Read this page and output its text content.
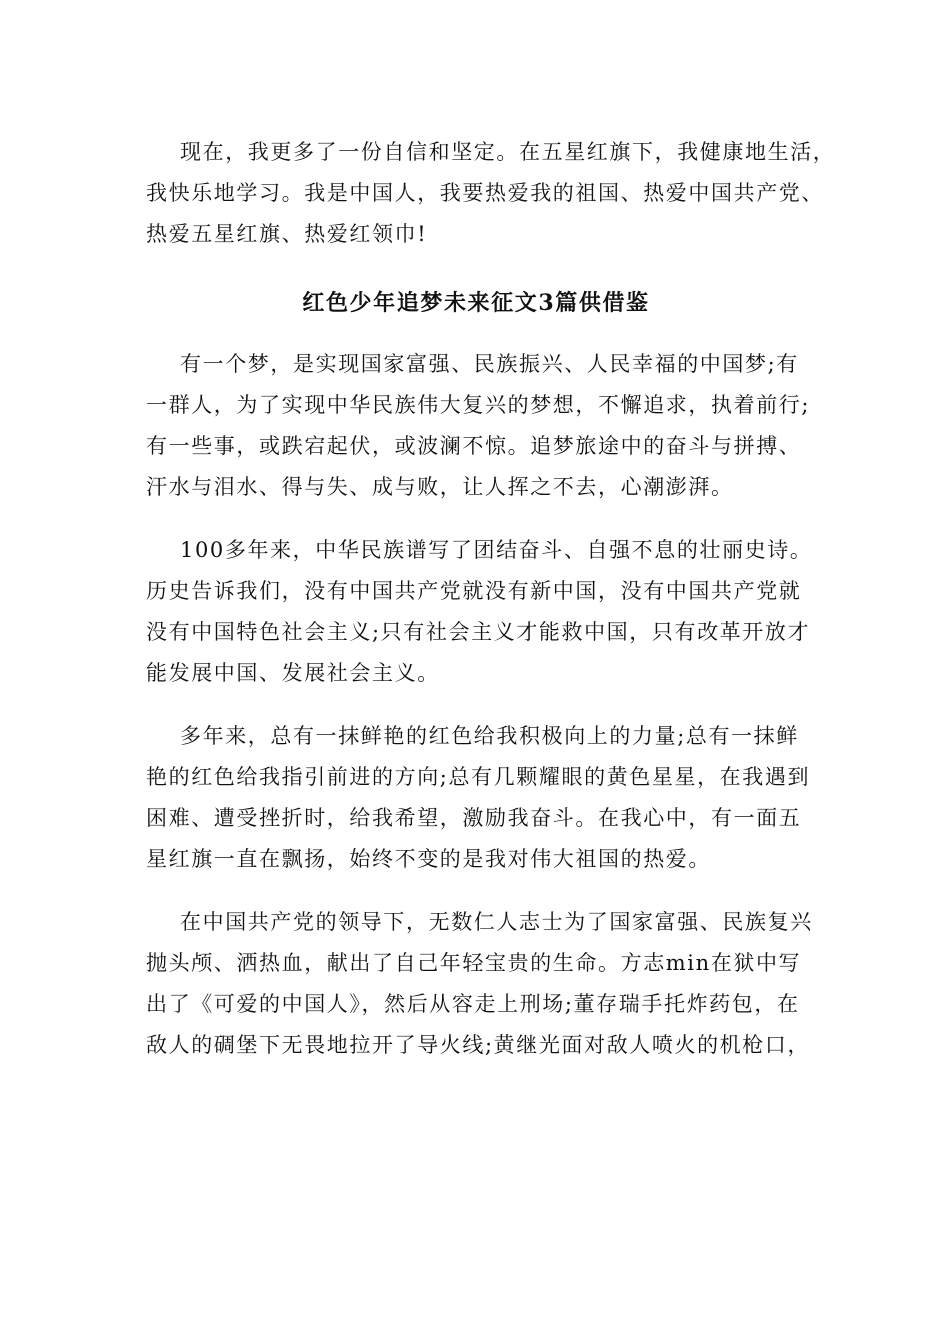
现在，我更多了一份自信和坚定。在五星红旗下，我健康地生活，
我快乐地学习。我是中国人，我要热爱我的祖国、热爱中国共产党、
热爱五星红旗、热爱红领巾!
红色少年追梦未来征文3篇供借鉴
有一个梦，是实现国家富强、民族振兴、人民幸福的中国梦;有
一群人，为了实现中华民族伟大复兴的梦想，不懈追求，执着前行;
有一些事，或跌宕起伏，或波澜不惊。追梦旅途中的奋斗与拼搏、
汗水与泪水、得与失、成与败，让人挥之不去，心潮澎湃。
100多年来，中华民族谱写了团结奋斗、自强不息的壮丽史诗。
历史告诉我们，没有中国共产党就没有新中国，没有中国共产党就
没有中国特色社会主义;只有社会主义才能救中国，只有改革开放才
能发展中国、发展社会主义。
多年来，总有一抹鲜艳的红色给我积极向上的力量;总有一抹鲜
艳的红色给我指引前进的方向;总有几颗耀眼的黄色星星，在我遇到
困难、遭受挫折时，给我希望，激励我奋斗。在我心中，有一面五
星红旗一直在飘扬，始终不变的是我对伟大祖国的热爱。
在中国共产党的领导下，无数仁人志士为了国家富强、民族复兴
抛头颅、洒热血，献出了自己年轻宝贵的生命。方志min在狱中写
出了《可爱的中国人》，然后从容走上刑场;董存瑞手托炸药包，在
敌人的碉堡下无畏地拉开了导火线;黄继光面对敌人喷火的机枪口，
